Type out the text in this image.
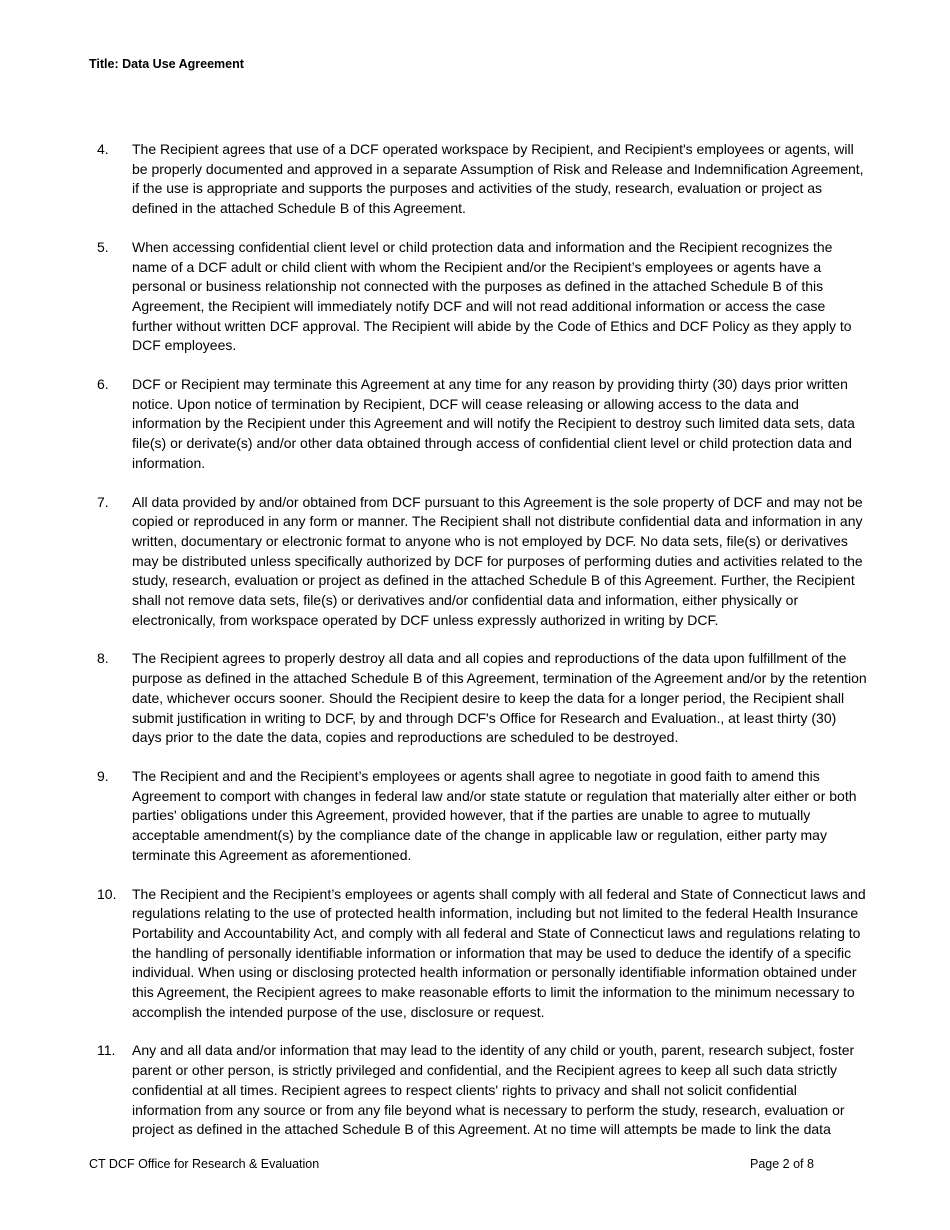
Title: Data Use Agreement
4. The Recipient agrees that use of a DCF operated workspace by Recipient, and Recipient's employees or agents, will be properly documented and approved in a separate Assumption of Risk and Release and Indemnification Agreement, if the use is appropriate and supports the purposes and activities of the study, research, evaluation or project as defined in the attached Schedule B of this Agreement.
5. When accessing confidential client level or child protection data and information and the Recipient recognizes the name of a DCF adult or child client with whom the Recipient and/or the Recipient’s employees or agents have a personal or business relationship not connected with the purposes as defined in the attached Schedule B of this Agreement, the Recipient will immediately notify DCF and will not read additional information or access the case further without written DCF approval. The Recipient will abide by the Code of Ethics and DCF Policy as they apply to DCF employees.
6. DCF or Recipient may terminate this Agreement at any time for any reason by providing thirty (30) days prior written notice. Upon notice of termination by Recipient, DCF will cease releasing or allowing access to the data and information by the Recipient under this Agreement and will notify the Recipient to destroy such limited data sets, data file(s) or derivate(s) and/or other data obtained through access of confidential client level or child protection data and information.
7. All data provided by and/or obtained from DCF pursuant to this Agreement is the sole property of DCF and may not be copied or reproduced in any form or manner. The Recipient shall not distribute confidential data and information in any written, documentary or electronic format to anyone who is not employed by DCF. No data sets, file(s) or derivatives may be distributed unless specifically authorized by DCF for purposes of performing duties and activities related to the study, research, evaluation or project as defined in the attached Schedule B of this Agreement. Further, the Recipient shall not remove data sets, file(s) or derivatives and/or confidential data and information, either physically or electronically, from workspace operated by DCF unless expressly authorized in writing by DCF.
8. The Recipient agrees to properly destroy all data and all copies and reproductions of the data upon fulfillment of the purpose as defined in the attached Schedule B of this Agreement, termination of the Agreement and/or by the retention date, whichever occurs sooner. Should the Recipient desire to keep the data for a longer period, the Recipient shall submit justification in writing to DCF, by and through DCF's Office for Research and Evaluation., at least thirty (30) days prior to the date the data, copies and reproductions are scheduled to be destroyed.
9. The Recipient and and the Recipient’s employees or agents shall agree to negotiate in good faith to amend this Agreement to comport with changes in federal law and/or state statute or regulation that materially alter either or both parties' obligations under this Agreement, provided however, that if the parties are unable to agree to mutually acceptable amendment(s) by the compliance date of the change in applicable law or regulation, either party may terminate this Agreement as aforementioned.
10. The Recipient and the Recipient’s employees or agents shall comply with all federal and State of Connecticut laws and regulations relating to the use of protected health information, including but not limited to the federal Health Insurance Portability and Accountability Act, and comply with all federal and State of Connecticut laws and regulations relating to the handling of personally identifiable information or information that may be used to deduce the identify of a specific individual. When using or disclosing protected health information or personally identifiable information obtained under this Agreement, the Recipient agrees to make reasonable efforts to limit the information to the minimum necessary to accomplish the intended purpose of the use, disclosure or request.
11. Any and all data and/or information that may lead to the identity of any child or youth, parent, research subject, foster parent or other person, is strictly privileged and confidential, and the Recipient agrees to keep all such data strictly confidential at all times. Recipient agrees to respect clients' rights to privacy and shall not solicit confidential information from any source or from any file beyond what is necessary to perform the study, research, evaluation or project as defined in the attached Schedule B of this Agreement. At no time will attempts be made to link the data
CT DCF Office for Research & Evaluation	Page 2 of 8
